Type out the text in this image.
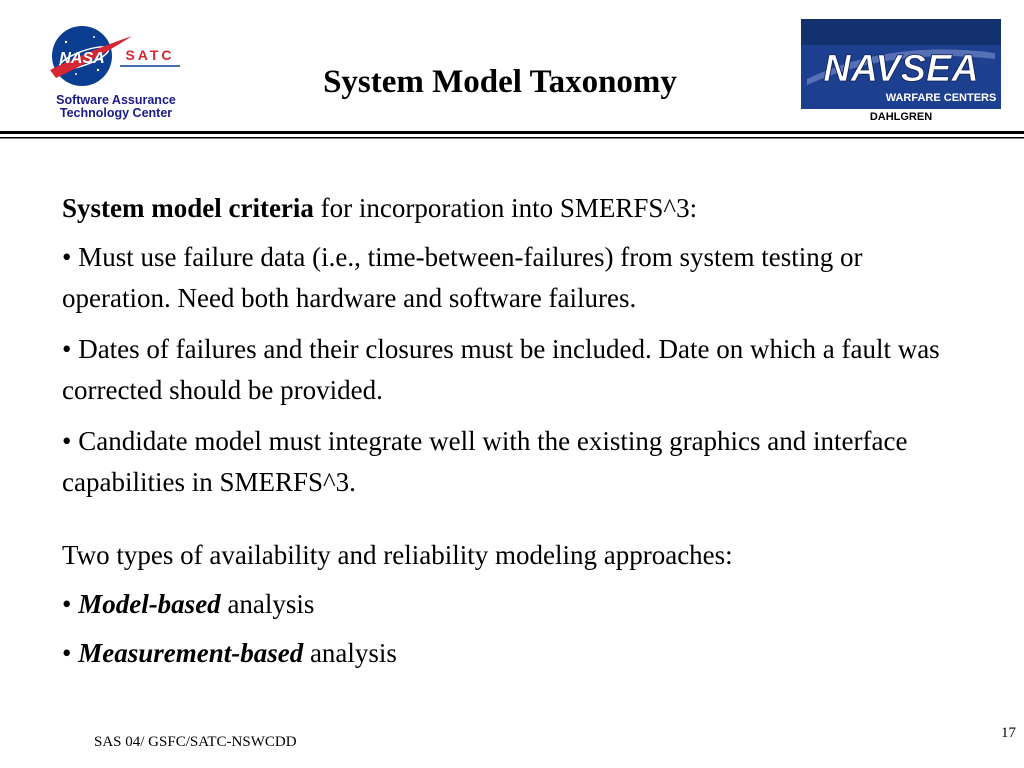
NASA SATC
Software Assurance
Technology Center
System Model Taxonomy	NAVSEA
WARFARE CENTERS
DAHLGREN

System model criteria for incorporation into SMERFS^3:

• Must use failure data (i.e., time-between-failures) from system testing or operation. Need both hardware and software failures.

• Dates of failures and their closures must be included. Date on which a fault was corrected should be provided.

• Candidate model must integrate well with the existing graphics and interface capabilities in SMERFS^3.

Two types of availability and reliability modeling approaches:

• Model-based analysis

• Measurement-based analysis

SAS 04/ GSFC/SATC-NSWCDD
17
